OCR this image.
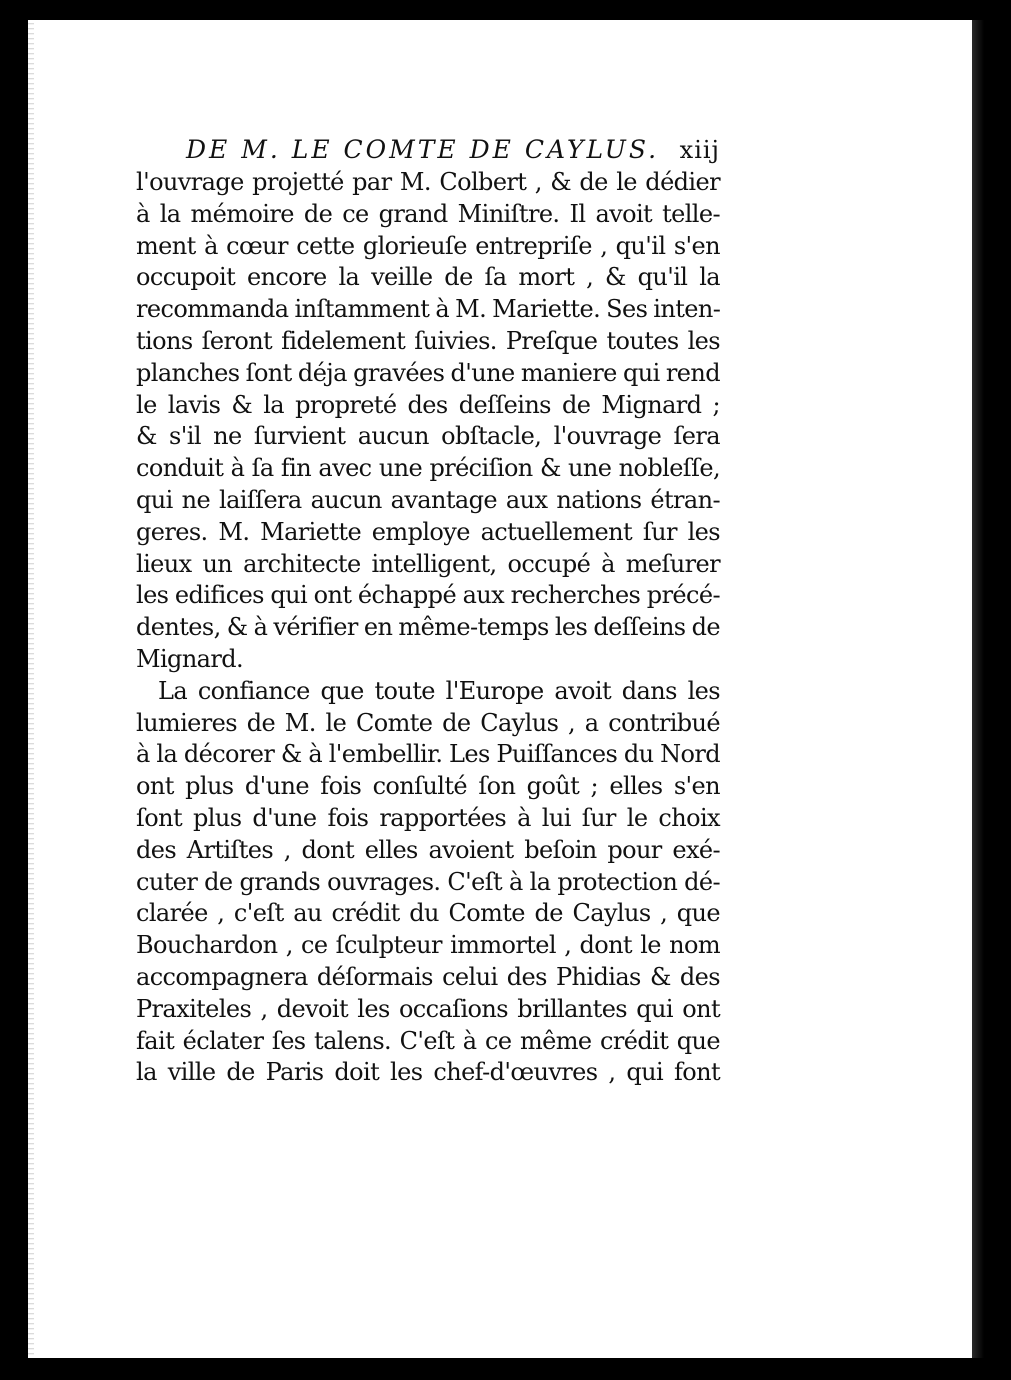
DE M. LE COMTE DE CAYLUS. xiij
l'ouvrage projetté par M. Colbert , & de le dédier
à la mémoire de ce grand Miniſtre. Il avoit telle-
ment à cœur cette glorieuſe entrepriſe , qu'il s'en
occupoit encore la veille de ſa mort , & qu'il la
recommanda inſtamment à M. Mariette. Ses inten-
tions ſeront fidelement ſuivies. Preſque toutes les
planches ſont déja gravées d'une maniere qui rend
le lavis & la propreté des deſſeins de Mignard ;
& s'il ne ſurvient aucun obſtacle, l'ouvrage ſera
conduit à ſa fin avec une préciſion & une nobleſſe,
qui ne laiſſera aucun avantage aux nations étran-
geres. M. Mariette employe actuellement ſur les
lieux un architecte intelligent, occupé à meſurer
les edifices qui ont échappé aux recherches précé-
dentes, & à vérifier en même-temps les deſſeins de
Mignard.
La confiance que toute l'Europe avoit dans les
lumieres de M. le Comte de Caylus , a contribué
à la décorer & à l'embellir. Les Puiſſances du Nord
ont plus d'une fois conſulté ſon goût ; elles s'en
ſont plus d'une fois rapportées à lui ſur le choix
des Artiſtes , dont elles avoient beſoin pour exé-
cuter de grands ouvrages. C'eſt à la protection dé-
clarée , c'eſt au crédit du Comte de Caylus , que
Bouchardon , ce ſculpteur immortel , dont le nom
accompagnera déſormais celui des Phidias & des
Praxiteles , devoit les occaſions brillantes qui ont
fait éclater ſes talens. C'eſt à ce même crédit que
la ville de Paris doit les chef-d'œuvres , qui font
